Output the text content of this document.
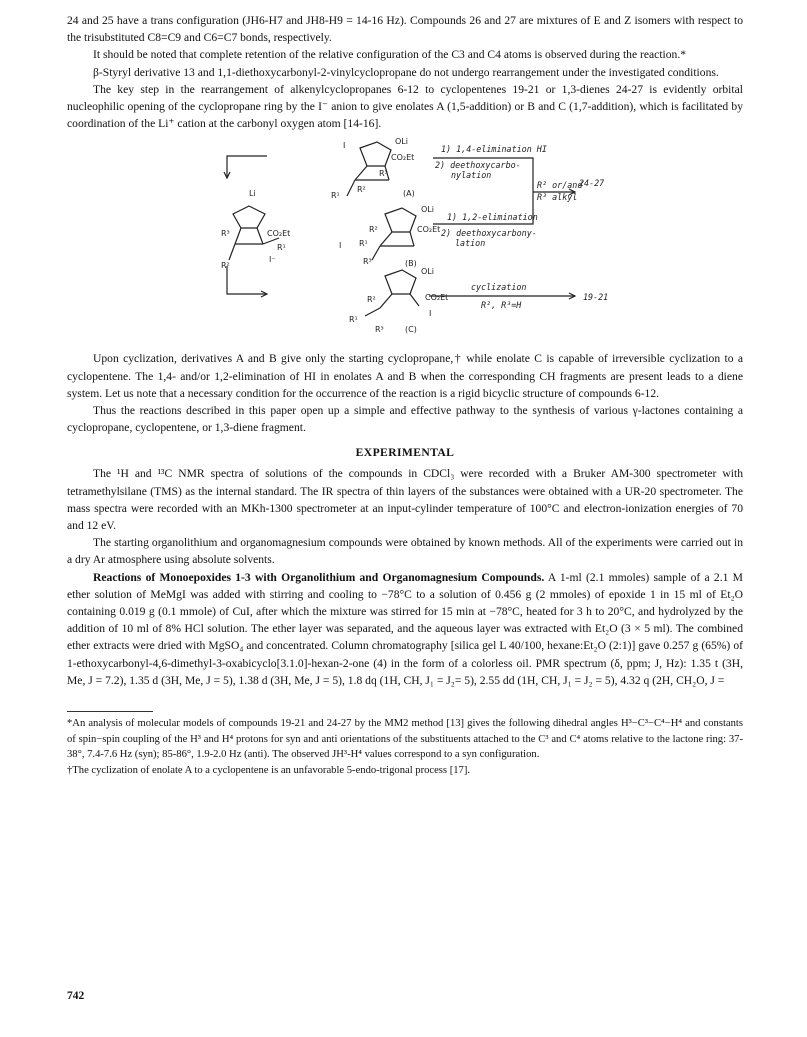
24 and 25 have a trans configuration (JH6-H7 and JH8-H9 = 14-16 Hz). Compounds 26 and 27 are mixtures of E and Z isomers with respect to the trisubstituted C8=C9 and C6=C7 bonds, respectively.

It should be noted that complete retention of the relative configuration of the C3 and C4 atoms is observed during the reaction.*

β-Styryl derivative 13 and 1,1-diethoxycarbonyl-2-vinylcyclopropane do not undergo rearrangement under the investigated conditions.

The key step in the rearrangement of alkenylcyclopropanes 6-12 to cyclopentenes 19-21 or 1,3-dienes 24-27 is evidently orbital nucleophilic opening of the cyclopropane ring by the I⁻ anion to give enolates A (1,5-addition) or B and C (1,7-addition), which is facilitated by coordination of the Li⁺ cation at the carbonyl oxygen atom [14-16].

1) 1,4-elimination HI
2) deethoxycarbo-
nylation
1) 1,2-elimination
2) deethoxycarbony-
lation
R² or/and
R³ alkyl
24-27
cyclization
R², R³=H
19-21
(A)
(B)
(C)
OLi
OLi
OLi
CO₂Et
CO₂Et
CO₂Et
CO₂Et
I
I
I
I⁻
Li
R³
R¹
R²
R¹
R²
R³
R¹
R³
R²
R²
R¹
R³

Upon cyclization, derivatives A and B give only the starting cyclopropane,† while enolate C is capable of irreversible cyclization to a cyclopentene. The 1,4- and/or 1,2-elimination of HI in enolates A and B when the corresponding CH fragments are present leads to a diene system. Let us note that a necessary condition for the occurrence of the reaction is a rigid bicyclic structure of compounds 6-12.

Thus the reactions described in this paper open up a simple and effective pathway to the synthesis of various γ-lactones containing a cyclopropane, cyclopentene, or 1,3-diene fragment.

EXPERIMENTAL

The ¹H and ¹³C NMR spectra of solutions of the compounds in CDCl₃ were recorded with a Bruker AM-300 spectrometer with tetramethylsilane (TMS) as the internal standard. The IR spectra of thin layers of the substances were obtained with a UR-20 spectrometer. The mass spectra were recorded with an MKh-1300 spectrometer at an input-cylinder temperature of 100°C and electron-ionization energies of 70 and 12 eV.

The starting organolithium and organomagnesium compounds were obtained by known methods. All of the experiments were carried out in a dry Ar atmosphere using absolute solvents.

Reactions of Monoepoxides 1-3 with Organolithium and Organomagnesium Compounds. A 1-ml (2.1 mmoles) sample of a 2.1 M ether solution of MeMgI was added with stirring and cooling to −78°C to a solution of 0.456 g (2 mmoles) of epoxide 1 in 15 ml of Et₂O containing 0.019 g (0.1 mmole) of CuI, after which the mixture was stirred for 15 min at −78°C, heated for 3 h to 20°C, and hydrolyzed by the addition of 10 ml of 8% HCl solution. The ether layer was separated, and the aqueous layer was extracted with Et₂O (3 × 5 ml). The combined ether extracts were dried with MgSO₄ and concentrated. Column chromatography [silica gel L 40/100, hexane:Et₂O (2:1)] gave 0.257 g (65%) of 1-ethoxycarbonyl-4,6-dimethyl-3-oxabicyclo[3.1.0]-hexan-2-one (4) in the form of a colorless oil. PMR spectrum (δ, ppm; J, Hz): 1.35 t (3H, Me, J = 7.2), 1.35 d (3H, Me, J = 5), 1.38 d (3H, Me, J = 5), 1.8 dq (1H, CH, J₁ = J₂= 5), 2.55 dd (1H, CH, J₁ = J₂ = 5), 4.32 q (2H, CH₂O, J =

*An analysis of molecular models of compounds 19-21 and 24-27 by the MM2 method [13] gives the following dihedral angles H³−C³−C⁴−H⁴ and constants of spin−spin coupling of the H³ and H⁴ protons for syn and anti orientations of the substituents attached to the C³ and C⁴ atoms relative to the lactone ring: 37-38°, 7.4-7.6 Hz (syn); 85-86°, 1.9-2.0 Hz (anti). The observed JH³-H⁴ values correspond to a syn configuration.

†The cyclization of enolate A to a cyclopentene is an unfavorable 5-endo-trigonal process [17].

742
